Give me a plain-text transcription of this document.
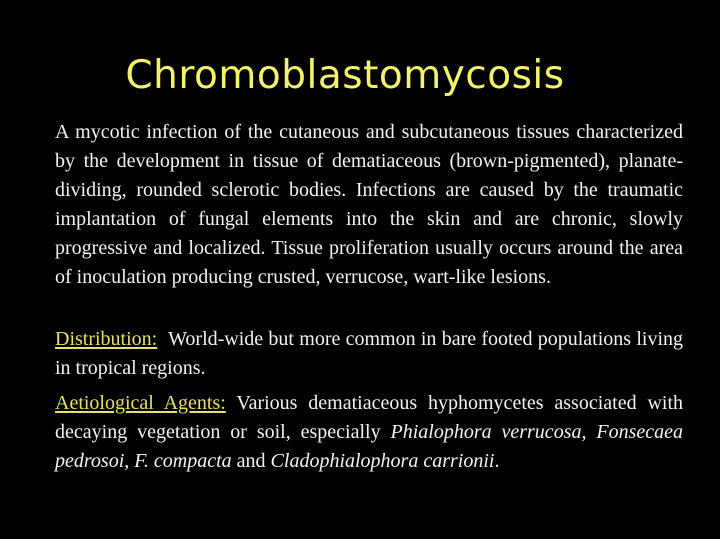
Chromoblastomycosis
A mycotic infection of the cutaneous and subcutaneous tissues characterized by the development in tissue of dematiaceous (brown-pigmented), planate-dividing, rounded sclerotic bodies. Infections are caused by the traumatic implantation of fungal elements into the skin and are chronic, slowly progressive and localized. Tissue proliferation usually occurs around the area of inoculation producing crusted, verrucose, wart-like lesions.
Distribution: World-wide but more common in bare footed populations living in tropical regions.
Aetiological Agents: Various dematiaceous hyphomycetes associated with decaying vegetation or soil, especially Phialophora verrucosa, Fonsecaea pedrosoi, F. compacta and Cladophialophora carrionii.
